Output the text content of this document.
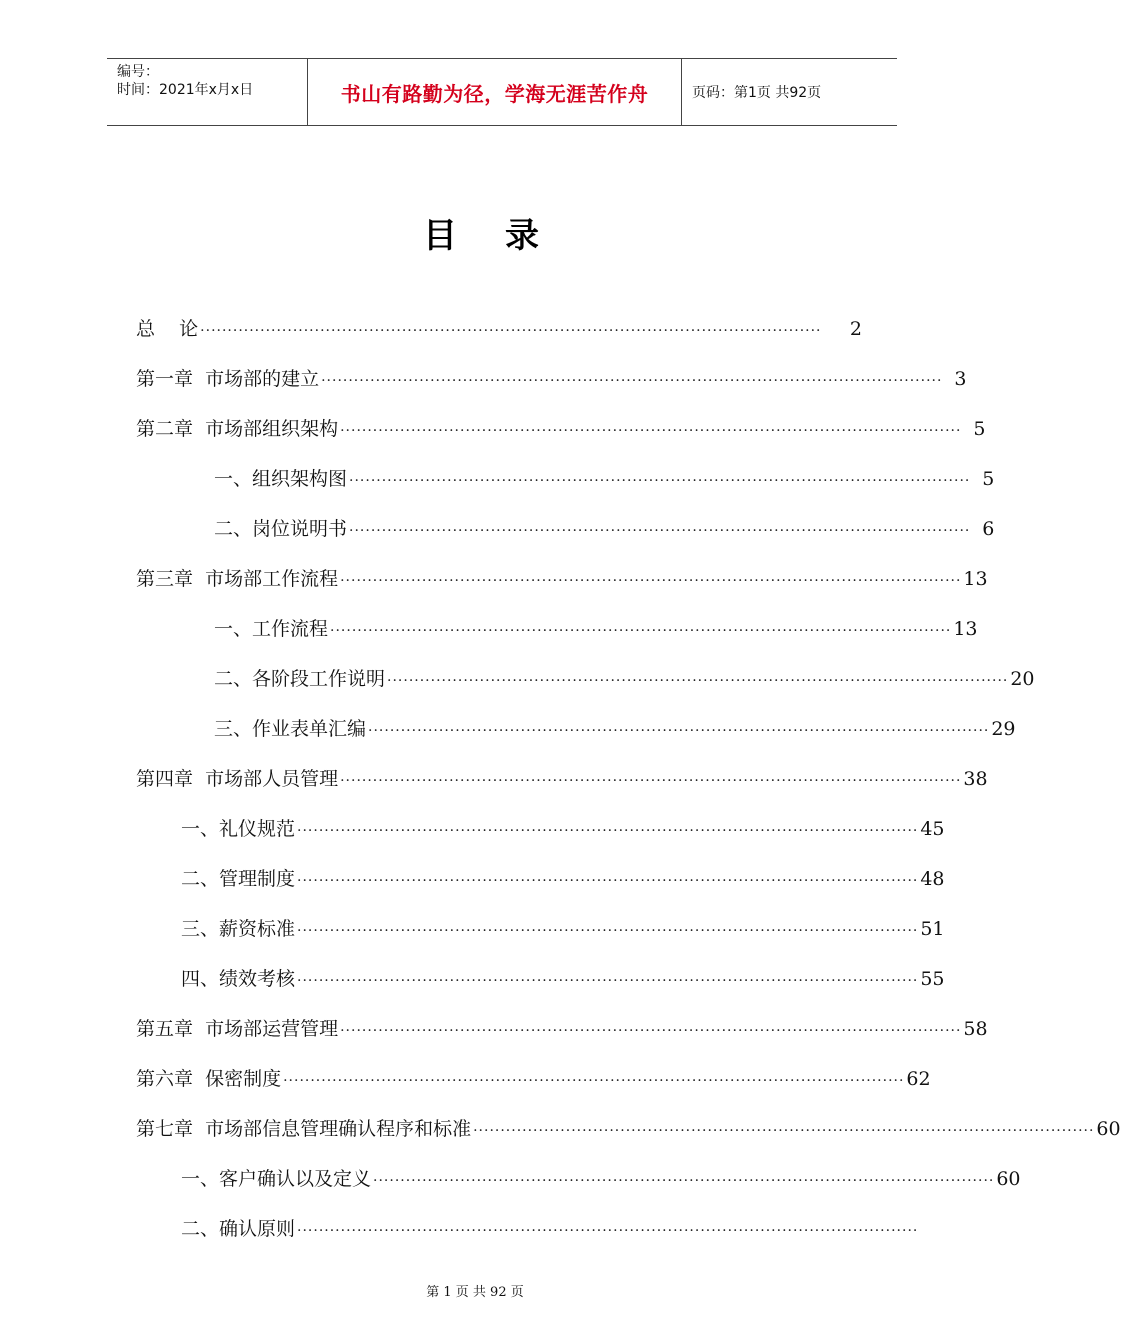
编号：
时间：2021年x月x日	书山有路勤为径，学海无涯苦作舟	页码：第1页 共92页
目录
总    论 ··················································································································	2
第一章  市场部的建立 ·················································································································· 3
第二章  市场部组织架构 ·················································································································· 5
一、组织架构图 ·················································································································· 5
二、岗位说明书 ·················································································································· 6
第三章  市场部工作流程 ·················································································································· 13
一、工作流程 ·················································································································· 13
二、各阶段工作说明 ·················································································································· 20
三、作业表单汇编 ·················································································································· 29
第四章  市场部人员管理 ·················································································································· 38
一、礼仪规范 ·················································································································· 45
二、管理制度 ·················································································································· 48
三、薪资标准 ·················································································································· 51
四、绩效考核 ·················································································································· 55
第五章  市场部运营管理 ·················································································································· 58
第六章  保密制度 ·················································································································· 62
第七章  市场部信息管理确认程序和标准 ·················································································································· 60
一、客户确认以及定义 ·················································································································· 60
二、确认原则 ··················································································································
第 1 页 共 92 页
